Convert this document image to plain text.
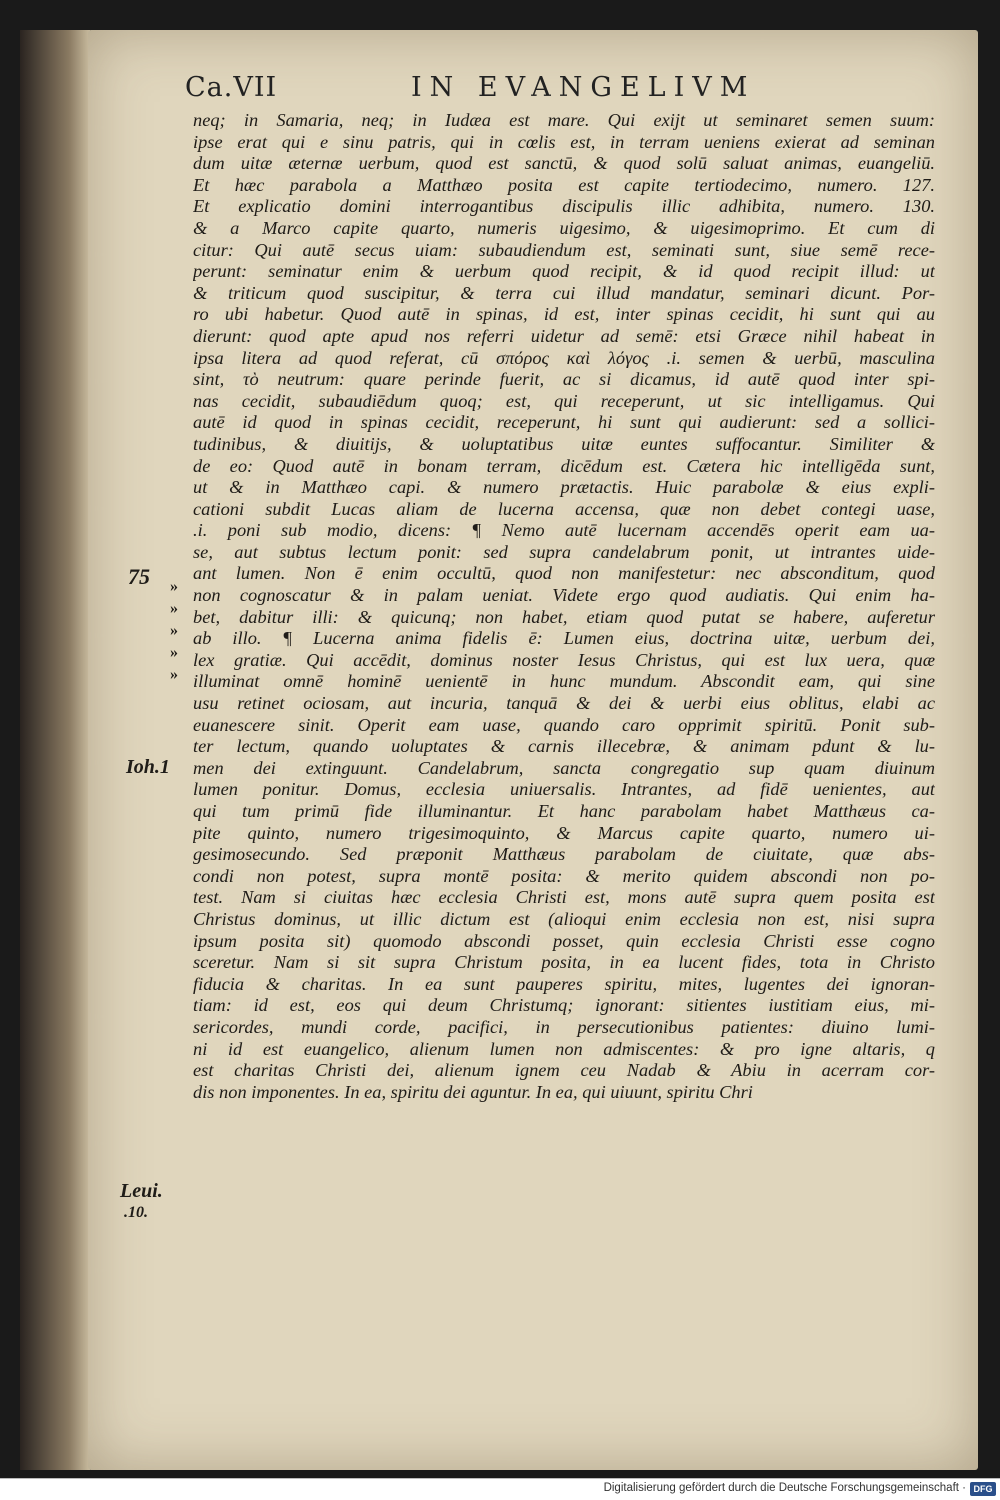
Ca.VII	IN EVANGELIVM
neq; in Samaria, neq; in Iudæa est mare. Qui exijt ut seminaret semen suum:
ipse erat qui e sinu patris, qui in cœlis est, in terram ueniens exierat ad seminan
dum uitæ æternæ uerbum, quod est sanctū, & quod solū saluat animas, euangeliū.
Et hæc parabola a Matthæo posita est capite tertiodecimo, numero. 127.
Et explicatio domini interrogantibus discipulis illic adhibita, numero. 130.
& a Marco capite quarto, numeris uigesimo, & uigesimoprimo. Et cum di
citur: Qui autē secus uiam: subaudiendum est, seminati sunt, siue semē rece-
perunt: seminatur enim & uerbum quod recipit, & id quod recipit illud: ut
& triticum quod suscipitur, & terra cui illud mandatur, seminari dicunt. Por-
ro ubi habetur. Quod autē in spinas, id est, inter spinas cecidit, hi sunt qui au
dierunt: quod apte apud nos referri uidetur ad semē: etsi Græce nihil habeat in
ipsa litera ad quod referat, cū σπόρος καὶ λόγος .i. semen & uerbū, masculina
sint, τὸ neutrum: quare perinde fuerit, ac si dicamus, id autē quod inter spi-
nas cecidit, subaudiēdum quoq; est, qui receperunt, ut sic intelligamus. Qui
autē id quod in spinas cecidit, receperunt, hi sunt qui audierunt: sed a sollici-
tudinibus, & diuitijs, & uoluptatibus uitæ euntes suffocantur. Similiter &
de eo: Quod autē in bonam terram, dicēdum est. Cætera hic intelligēda sunt,
ut & in Matthæo capi. & numero prætactis. Huic parabolæ & eius expli-
cationi subdit Lucas aliam de lucerna accensa, quæ non debet contegi uase,
.i. poni sub modio, dicens: ¶ Nemo autē lucernam accendēs operit eam ua-
se, aut subtus lectum ponit: sed supra candelabrum ponit, ut intrantes uide-
ant lumen. Non ē enim occultū, quod non manifestetur: nec absconditum, quod
non cognoscatur & in palam ueniat. Videte ergo quod audiatis. Qui enim ha-
bet, dabitur illi: & quicunq; non habet, etiam quod putat se habere, auferetur
ab illo. ¶ Lucerna anima fidelis ē: Lumen eius, doctrina uitæ, uerbum dei,
lex gratiæ. Qui accēdit, dominus noster Iesus Christus, qui est lux uera, quæ
illuminat omnē hominē uenientē in hunc mundum. Abscondit eam, qui sine
usu retinet ociosam, aut incuria, tanquā & dei & uerbi eius oblitus, elabi ac
euanescere sinit. Operit eam uase, quando caro opprimit spiritū. Ponit sub-
ter lectum, quando uoluptates & carnis illecebræ, & animam pdunt & lu-
men dei extinguunt. Candelabrum, sancta congregatio sup quam diuinum
lumen ponitur. Domus, ecclesia uniuersalis. Intrantes, ad fidē uenientes, aut
qui tum primū fide illuminantur. Et hanc parabolam habet Matthæus ca-
pite quinto, numero trigesimoquinto, & Marcus capite quarto, numero ui-
gesimosecundo. Sed præponit Matthæus parabolam de ciuitate, quæ abs-
condi non potest, supra montē posita: & merito quidem abscondi non po-
test. Nam si ciuitas hæc ecclesia Christi est, mons autē supra quem posita est
Christus dominus, ut illic dictum est (alioqui enim ecclesia non est, nisi supra
ipsum posita sit) quomodo abscondi posset, quin ecclesia Christi esse cogno
sceretur. Nam si sit supra Christum posita, in ea lucent fides, tota in Christo
fiducia & charitas. In ea sunt pauperes spiritu, mites, lugentes dei ignoran-
tiam: id est, eos qui deum Christumq; ignorant: sitientes iustitiam eius, mi-
sericordes, mundi corde, pacifici, in persecutionibus patientes: diuino lumi-
ni id est euangelico, alienum lumen non admiscentes: & pro igne altaris, q
est charitas Christi dei, alienum ignem ceu Nadab & Abiu in acerram cor-
dis non imponentes. In ea, spiritu dei aguntur. In ea, qui uiuunt, spiritu Chri
75 »
»
»
»
»
Ioh.1
Leui.
.10.
Digitalisierung gefördert durch die Deutsche Forschungsgemeinschaft · DFG
